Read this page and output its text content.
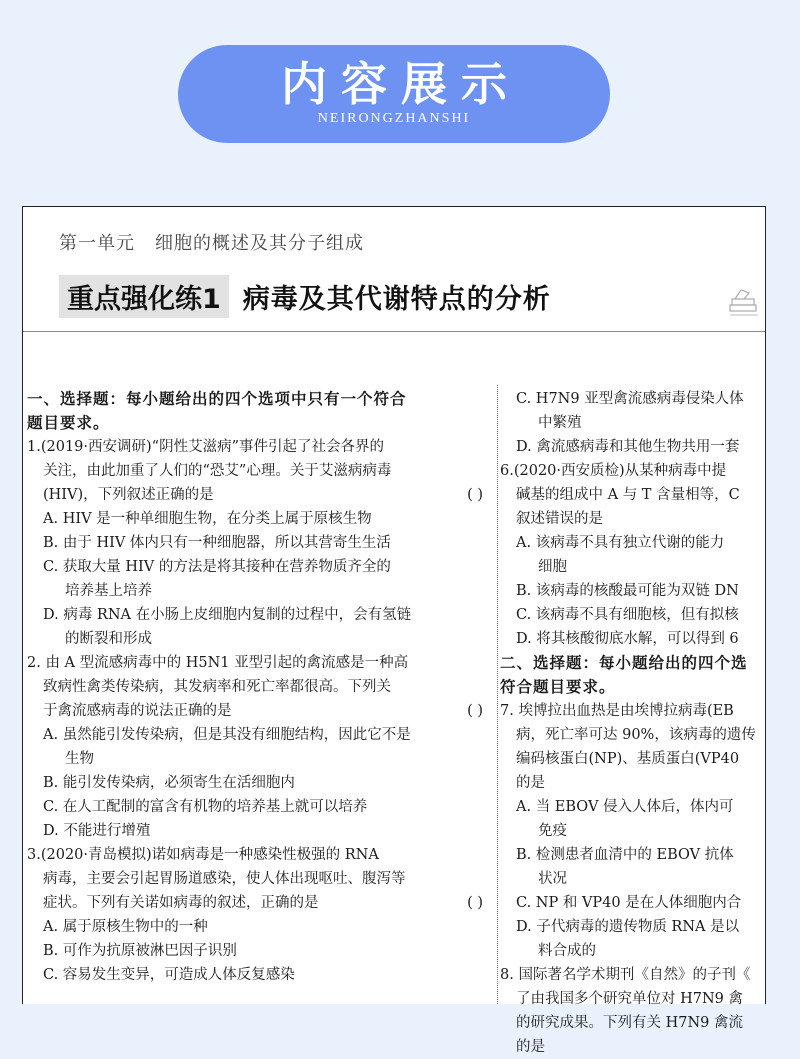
内容展示
NEIRONGZHANSHI
第一单元 细胞的概述及其分子组成
重点强化练1 病毒及其代谢特点的分析
一、选择题：每小题给出的四个选项中只有一个符合
题目要求。
1.(2019·西安调研)“阴性艾滋病”事件引起了社会各界的
关注，由此加重了人们的“恐艾”心理。关于艾滋病病毒
(HIV)，下列叙述正确的是	( )
A. HIV 是一种单细胞生物，在分类上属于原核生物
B. 由于 HIV 体内只有一种细胞器，所以其营寄生生活
C. 获取大量 HIV 的方法是将其接种在营养物质齐全的
培养基上培养
D. 病毒 RNA 在小肠上皮细胞内复制的过程中，会有氢链
的断裂和形成
2. 由 A 型流感病毒中的 H5N1 亚型引起的禽流感是一种高
致病性禽类传染病，其发病率和死亡率都很高。下列关
于禽流感病毒的说法正确的是	( )
A. 虽然能引发传染病，但是其没有细胞结构，因此它不是
生物
B. 能引发传染病，必须寄生在活细胞内
C. 在人工配制的富含有机物的培养基上就可以培养
D. 不能进行增殖
3.(2020·青岛模拟)诺如病毒是一种感染性极强的 RNA
病毒，主要会引起胃肠道感染，使人体出现呕吐、腹泻等
症状。下列有关诺如病毒的叙述，正确的是	( )
A. 属于原核生物中的一种
B. 可作为抗原被淋巴因子识别
C. 容易发生变异，可造成人体反复感染
C. H7N9 亚型禽流感病毒侵染人体
中繁殖
D. 禽流感病毒和其他生物共用一套
6.(2020·西安质检)从某种病毒中提
碱基的组成中 A 与 T 含量相等，C
叙述错误的是
A. 该病毒不具有独立代谢的能力
细胞
B. 该病毒的核酸最可能为双链 DN
C. 该病毒不具有细胞核，但有拟核
D. 将其核酸彻底水解，可以得到 6
二、选择题：每小题给出的四个选
符合题目要求。
7. 埃博拉出血热是由埃博拉病毒(EB
病，死亡率可达 90%，该病毒的遗传
编码核蛋白(NP)、基质蛋白(VP40
的是
A. 当 EBOV 侵入人体后，体内可
免疫
B. 检测患者血清中的 EBOV 抗体
状况
C. NP 和 VP40 是在人体细胞内合
D. 子代病毒的遗传物质 RNA 是以
料合成的
8. 国际著名学术期刊《自然》的子刊《
了由我国多个研究单位对 H7N9 禽
的研究成果。下列有关 H7N9 禽流
的是
